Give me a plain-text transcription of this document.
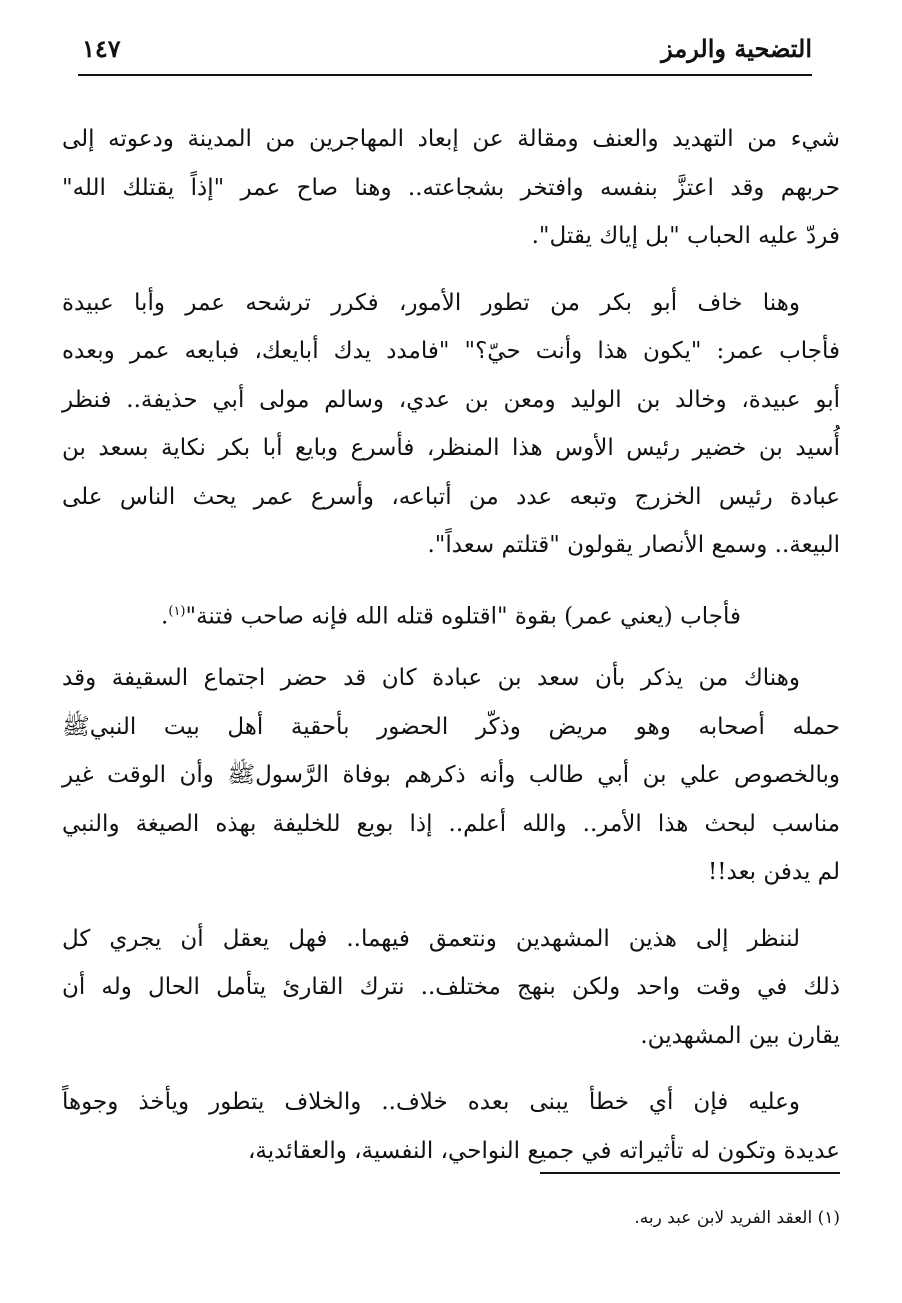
التضحية والرمز
١٤٧
شيء من التهديد والعنف ومقالة عن إبعاد المهاجرين من المدينة ودعوته إلى
حربهم وقد اعتزَّ بنفسه وافتخر بشجاعته.. وهنا صاح عمر "إذاً يقتلك الله"
فردّ عليه الحباب "بل إياك يقتل".
وهنا خاف أبو بكر من تطور الأمور، فكرر ترشحه عمر وأبا عبيدة
فأجاب عمر: "يكون هذا وأنت حيّ؟" "فامدد يدك أبايعك، فبايعه عمر وبعده
أبو عبيدة، وخالد بن الوليد ومعن بن عدي، وسالم مولى أبي حذيفة.. فنظر
أُسيد بن خضير رئيس الأوس هذا المنظر، فأسرع وبايع أبا بكر نكاية بسعد بن
عبادة رئيس الخزرج وتبعه عدد من أتباعه، وأسرع عمر يحث الناس على
البيعة.. وسمع الأنصار يقولون "قتلتم سعداً".
فأجاب (يعني عمر) بقوة "اقتلوه قتله الله فإنه صاحب فتنة"$^{(١)}$.
وهناك من يذكر بأن سعد بن عبادة كان قد حضر اجتماع السقيفة وقد
حمله أصحابه وهو مريض وذكّر الحضور بأحقية أهل بيت النبيﷺ
وبالخصوص علي بن أبي طالب وأنه ذكرهم بوفاة الرَّسولﷺ وأن الوقت غير
مناسب لبحث هذا الأمر.. والله أعلم.. إذا بويع للخليفة بهذه الصيغة والنبي
لم يدفن بعد!!
لننظر إلى هذين المشهدين ونتعمق فيهما.. فهل يعقل أن يجري كل
ذلك في وقت واحد ولكن بنهج مختلف.. نترك القارئ يتأمل الحال وله أن
يقارن بين المشهدين.
وعليه فإن أي خطأ يبنى بعده خلاف.. والخلاف يتطور ويأخذ وجوهاً
عديدة وتكون له تأثيراته في جميع النواحي، النفسية، والعقائدية،
(١) العقد الفريد لابن عبد ربه.
